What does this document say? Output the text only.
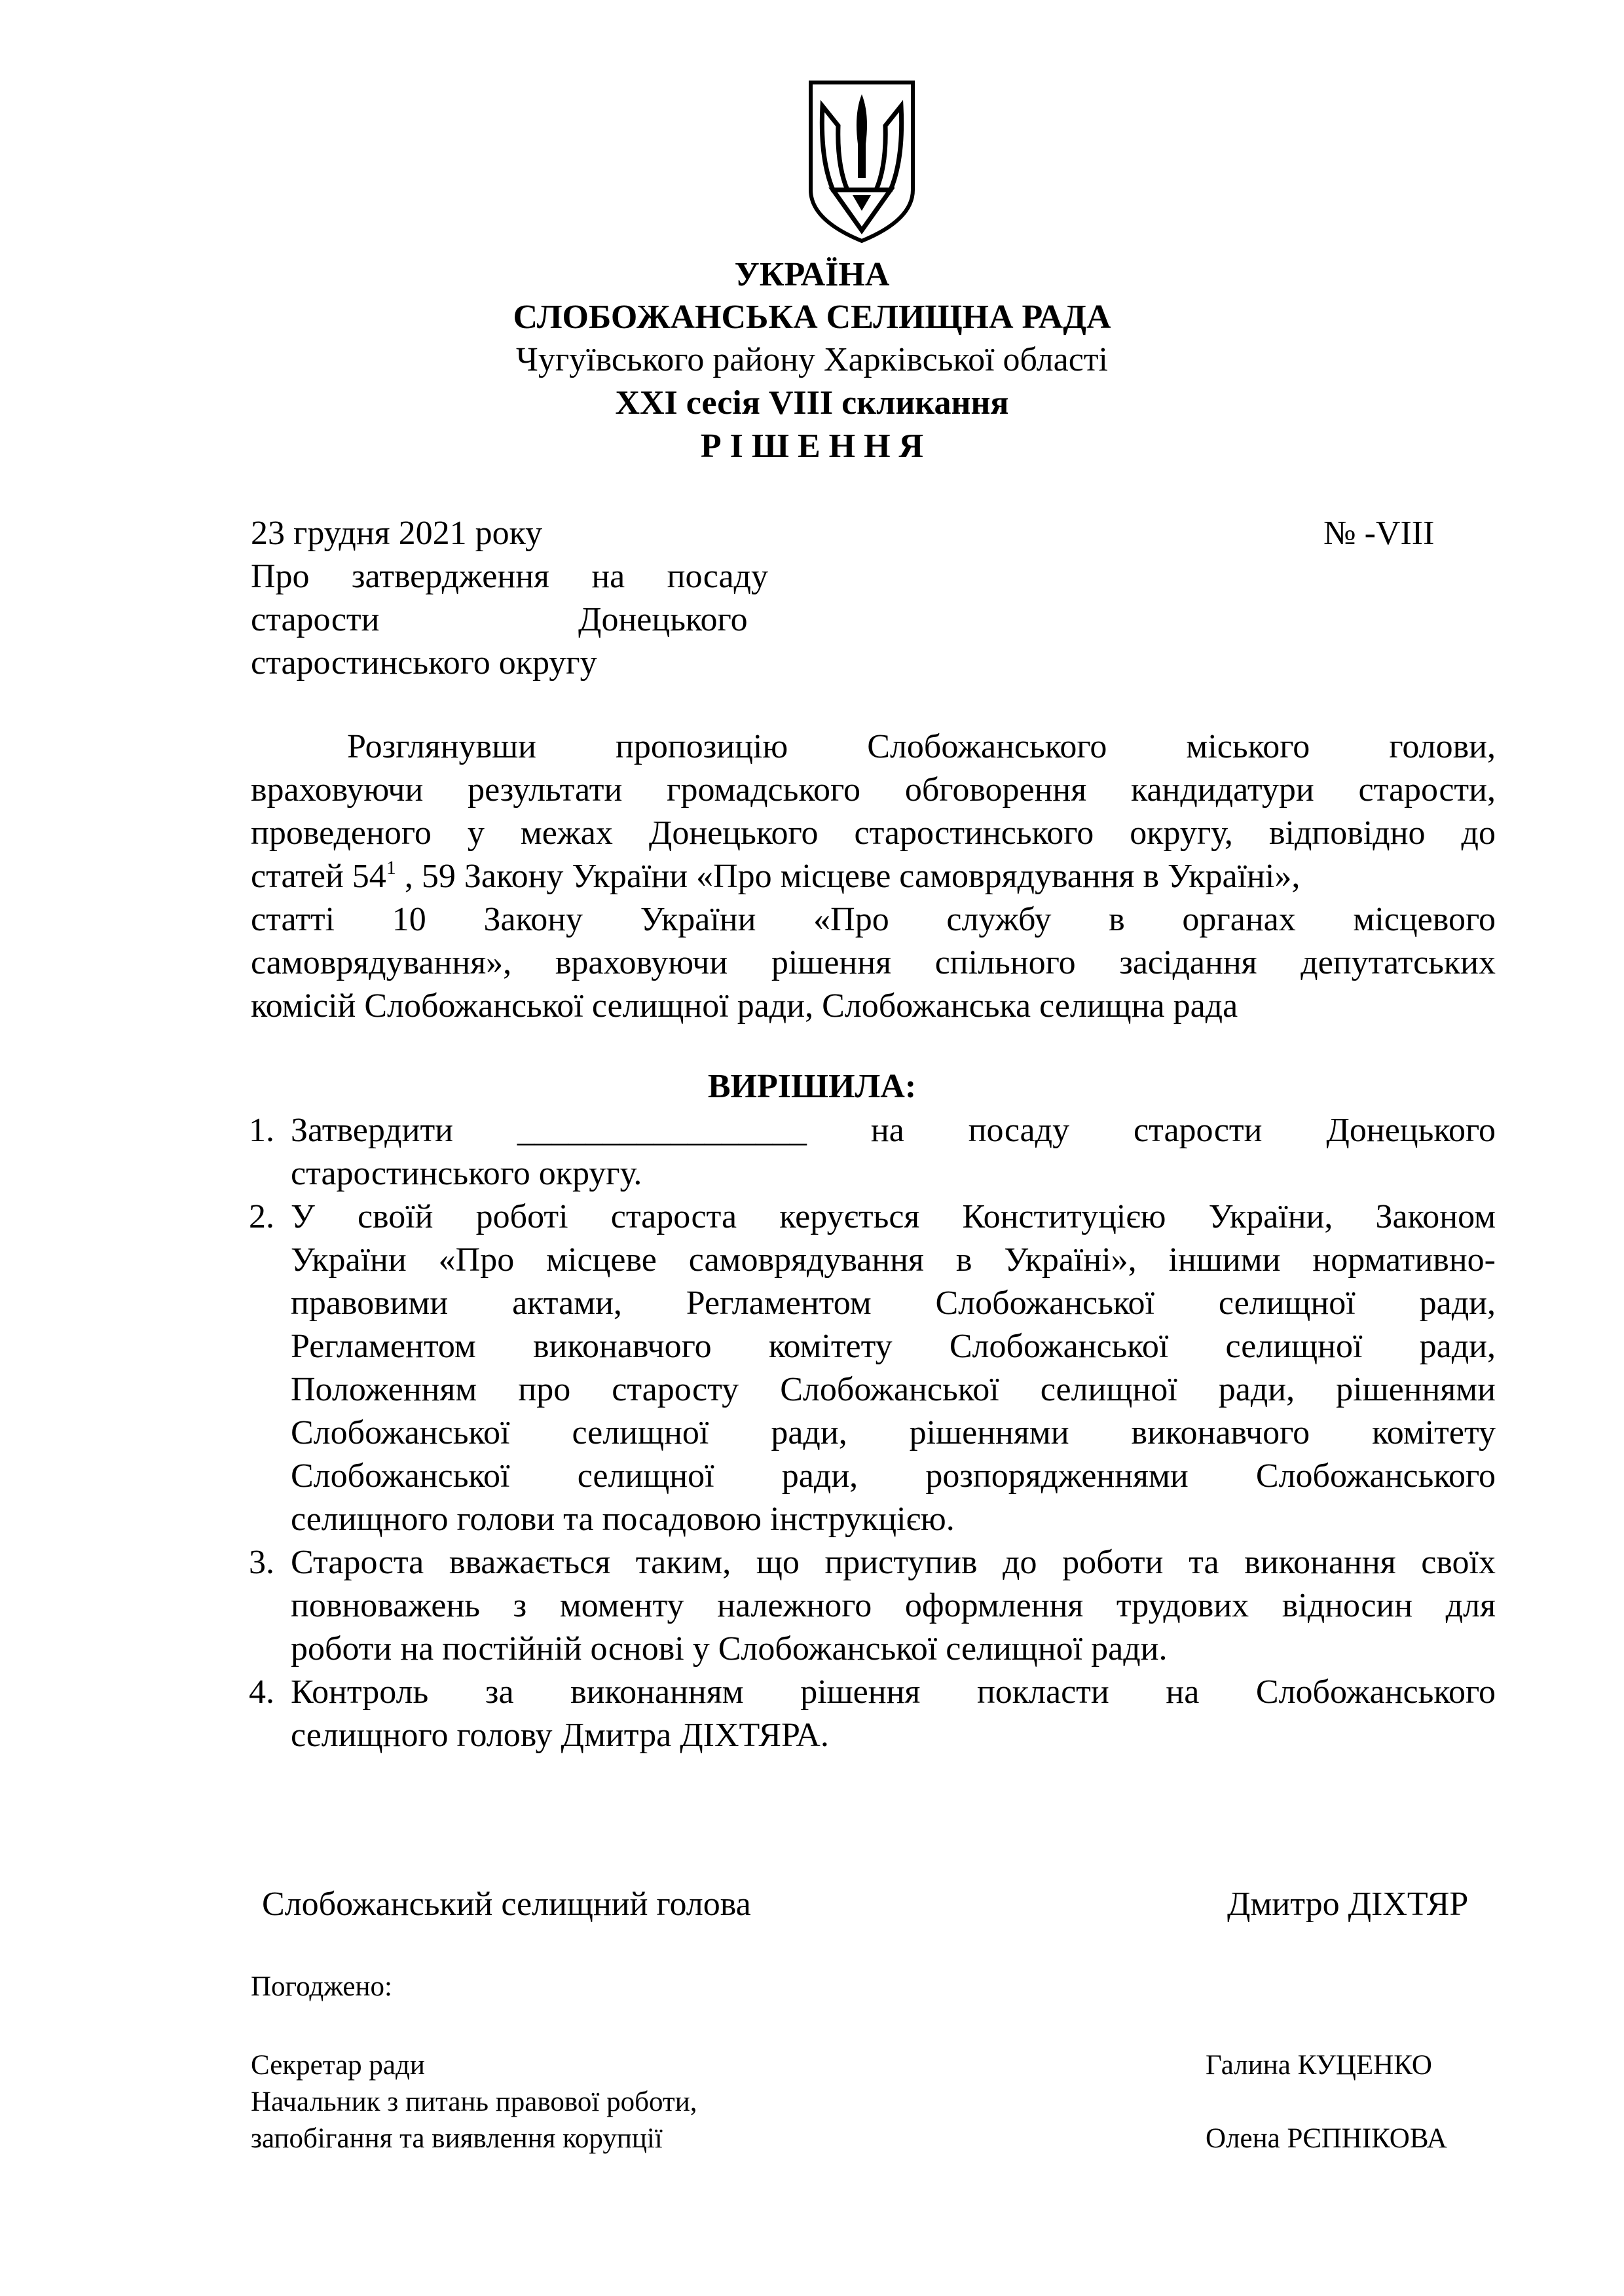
УКРАЇНА
СЛОБОЖАНСЬКА СЕЛИЩНА РАДА
Чугуївського району Харківської області
XXI сесія VIII скликання
Р І Ш Е Н Н Я
23 грудня 2021 року	№ -VIII
Про затвердження на посаду
старости	Донецького
старостинського округу
Розглянувши пропозицію Слобожанського міського голови,
враховуючи результати громадського обговорення кандидатури старости,
проведеного у межах Донецького старостинського округу, відповідно до
статей $54^1$ , 59 Закону України «Про місцеве самоврядування в Україні»,
статті 10 Закону України «Про службу в органах місцевого
самоврядування», враховуючи рішення спільного засідання депутатських
комісій Слобожанської селищної ради, Слобожанська селищна рада
ВИРІШИЛА:
1. Затвердити _________________ на посаду старости Донецького
старостинського округу.
2. У своїй роботі староста керується Конституцією України, Законом
України «Про місцеве самоврядування в Україні», іншими нормативно-
правовими актами, Регламентом Слобожанської селищної ради,
Регламентом виконавчого комітету Слобожанської селищної ради,
Положенням про старосту Слобожанської селищної ради, рішеннями
Слобожанської селищної ради, рішеннями виконавчого комітету
Слобожанської селищної ради, розпорядженнями Слобожанського
селищного голови та посадовою інструкцією.
3. Староста вважається таким, що приступив до роботи та виконання своїх
повноважень з моменту належного оформлення трудових відносин для
роботи на постійній основі у Слобожанської селищної ради.
4. Контроль за виконанням рішення покласти на Слобожанського
селищного голову Дмитра ДІХТЯРА.
Слобожанський селищний голова	Дмитро ДІХТЯР
Погоджено:
Секретар ради	Галина КУЦЕНКО
Начальник з питань правової роботи,
запобігання та виявлення корупції	Олена РЄПНІКОВА
